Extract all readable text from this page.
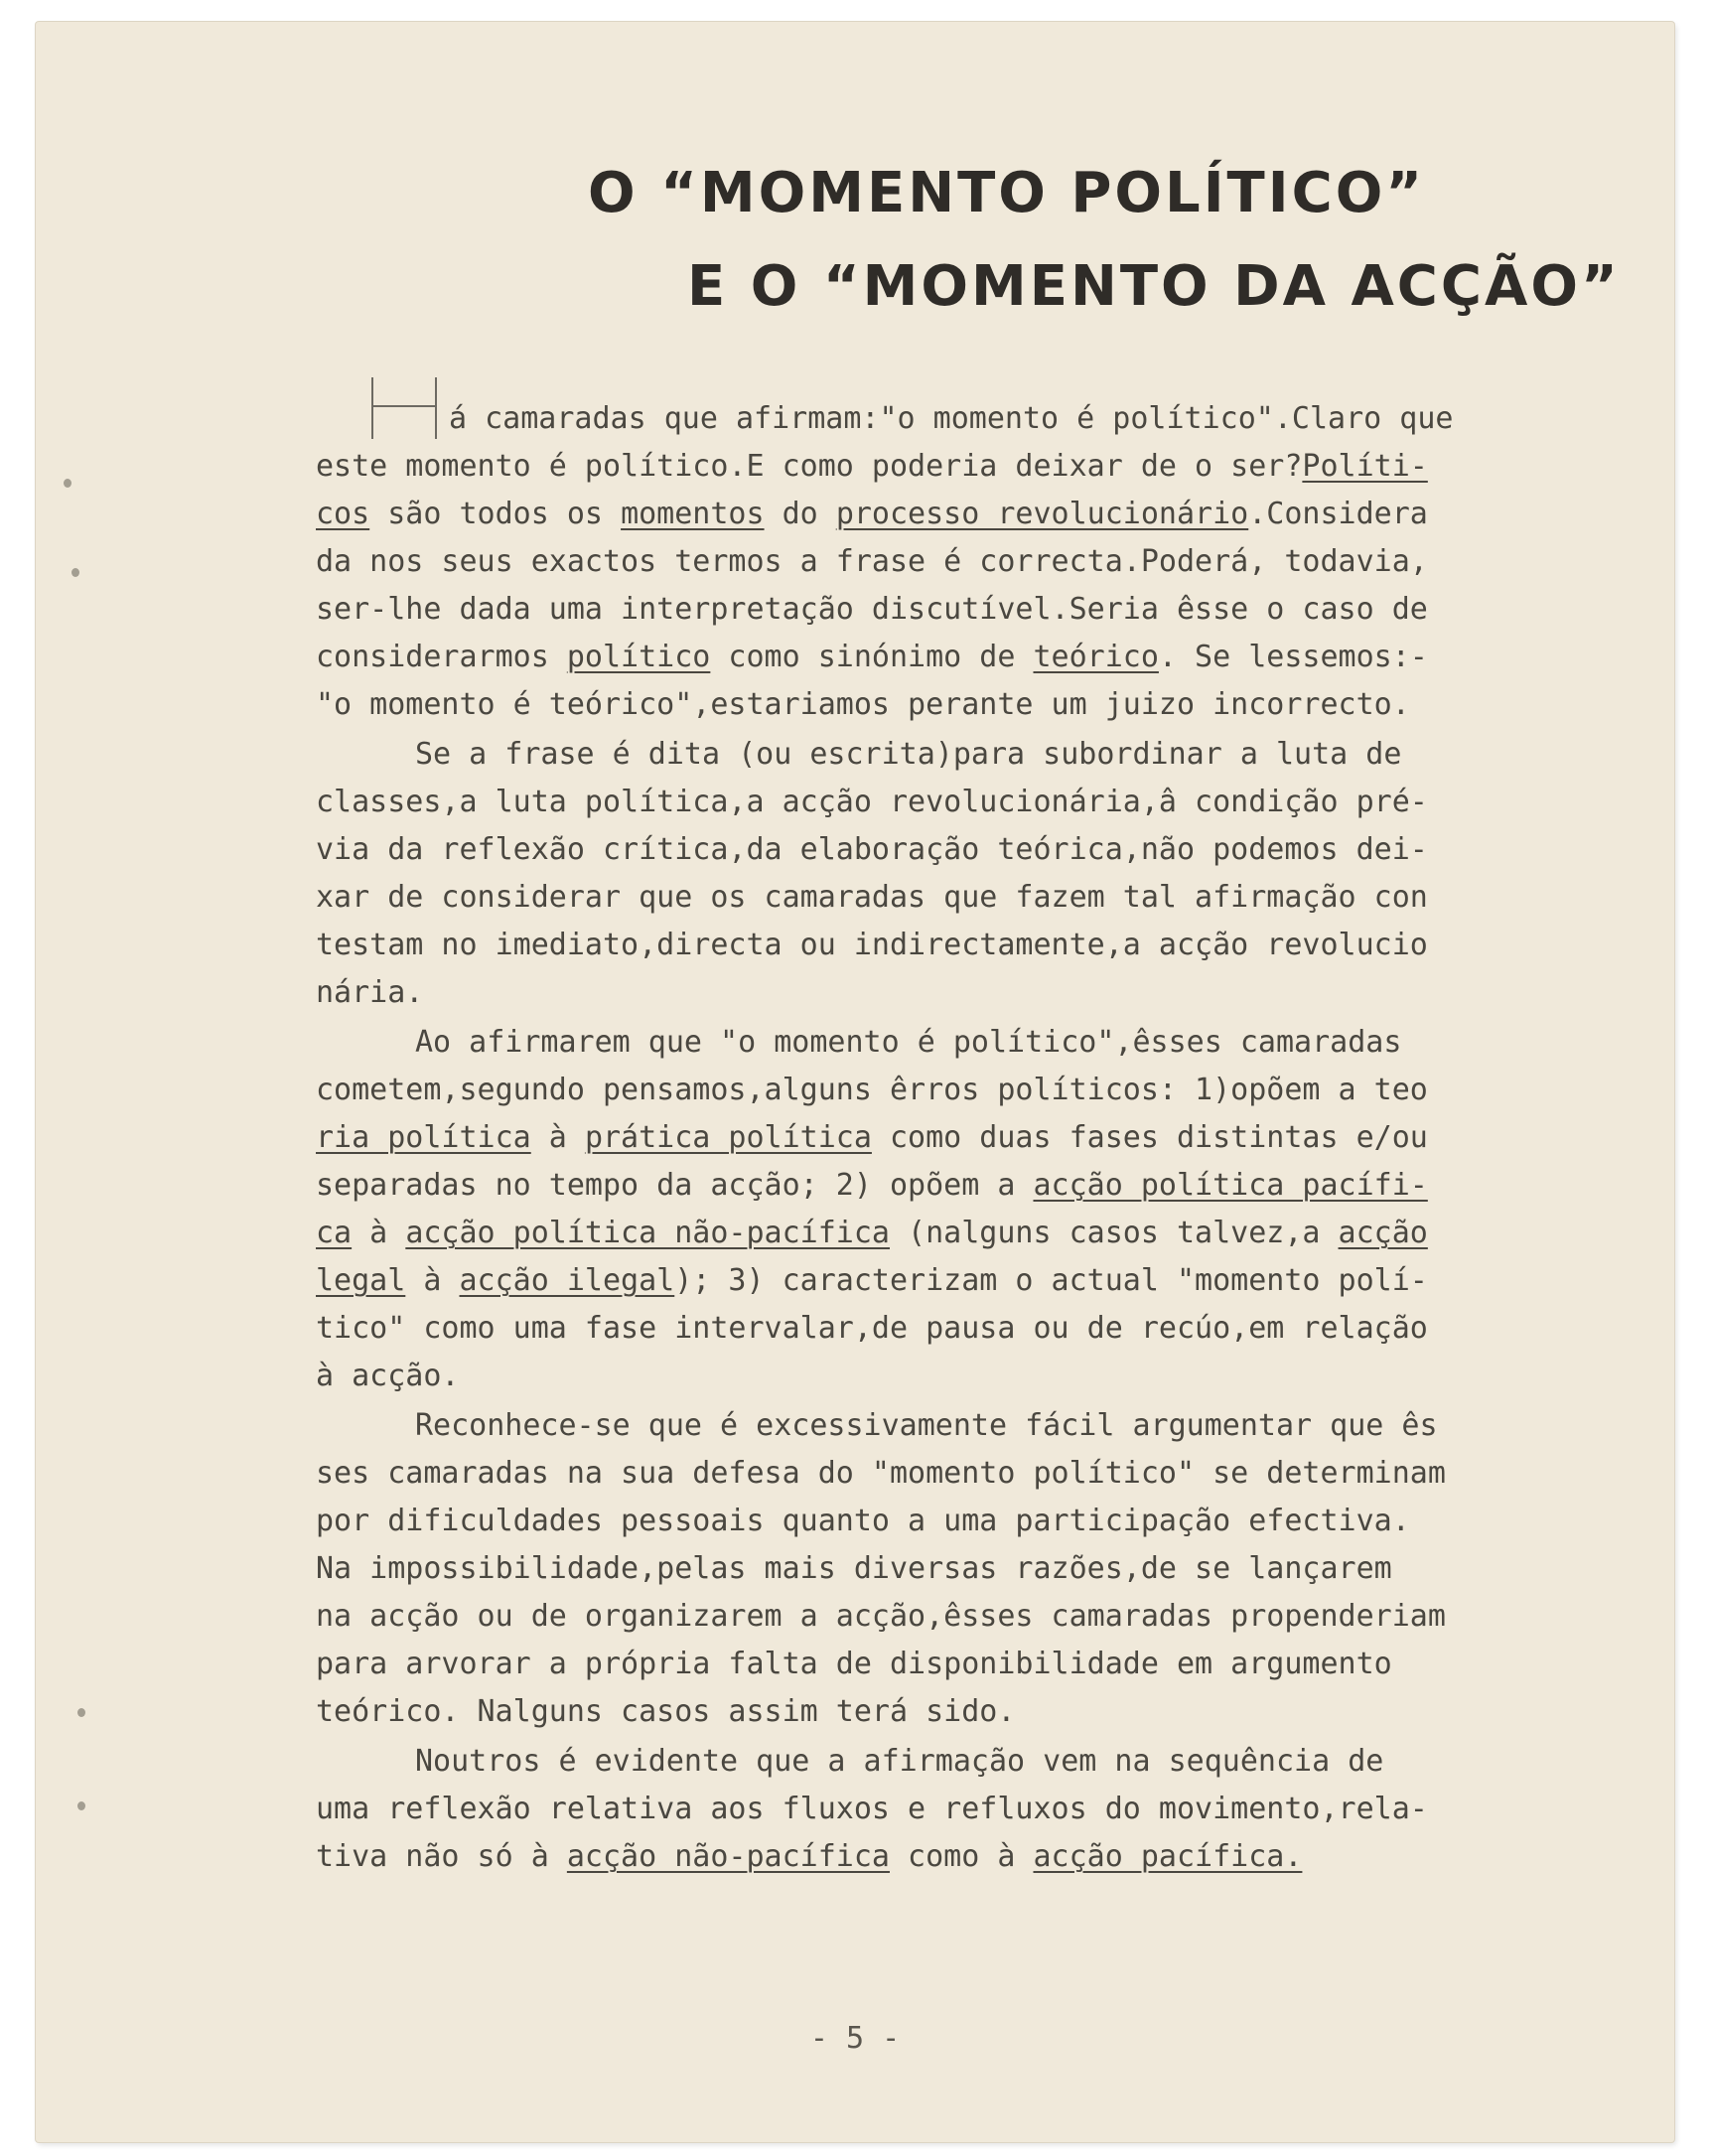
O “MOMENTO POLÍTICO”
E O “MOMENTO DA ACÇÃO”
á camaradas que afirmam:"o momento é político".Claro que
este momento é político.E como poderia deixar de o ser?Políti-
cos são todos os momentos do processo revolucionário.Considera
da nos seus exactos termos a frase é correcta.Poderá, todavia,
ser-lhe dada uma interpretação discutível.Seria êsse o caso de
considerarmos político como sinónimo de teórico. Se lessemos:-
"o momento é teórico",estariamos perante um juizo incorrecto.
Se a frase é dita (ou escrita)para subordinar a luta de
classes,a luta política,a acção revolucionária,â condição pré-
via da reflexão crítica,da elaboração teórica,não podemos dei-
xar de considerar que os camaradas que fazem tal afirmação con
testam no imediato,directa ou indirectamente,a acção revolucio
nária.
Ao afirmarem que "o momento é político",êsses camaradas
cometem,segundo pensamos,alguns êrros políticos: 1)opõem a teo
ria política à prática política como duas fases distintas e/ou
separadas no tempo da acção; 2) opõem a acção política pacífi-
ca à acção política não-pacífica (nalguns casos talvez,a acção
legal à acção ilegal); 3) caracterizam o actual "momento polí-
tico" como uma fase intervalar,de pausa ou de recúo,em relação
à acção.
Reconhece-se que é excessivamente fácil argumentar que ês
ses camaradas na sua defesa do "momento político" se determinam
por dificuldades pessoais quanto a uma participação efectiva.
Na impossibilidade,pelas mais diversas razões,de se lançarem
na acção ou de organizarem a acção,êsses camaradas propenderiam
para arvorar a própria falta de disponibilidade em argumento
teórico. Nalguns casos assim terá sido.
Noutros é evidente que a afirmação vem na sequência de
uma reflexão relativa aos fluxos e refluxos do movimento,rela-
tiva não só à acção não-pacífica como à acção pacífica.
- 5 -
